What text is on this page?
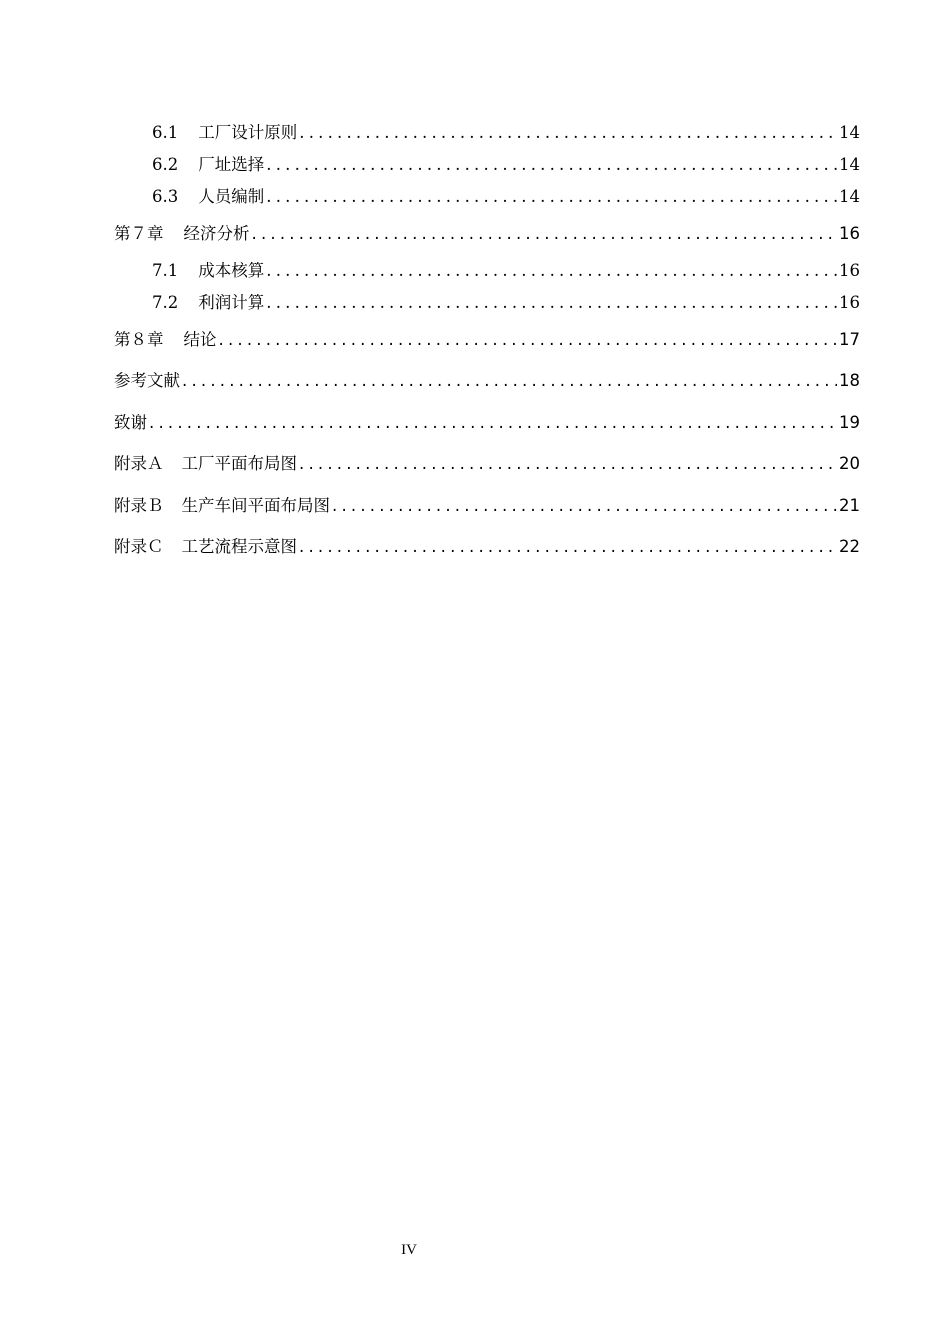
6.1 工厂设计原则 .....	14
6.2 厂址选择 .....	14
6.3 人员编制 .....	14
第７章 经济分析 .....	16
7.1 成本核算 .....	16
7.2 利润计算 .....	16
第８章 结论 .....	17
参考文献 .....	18
致谢 .....	19
附录Ａ 工厂平面布局图 .....	20
附录Ｂ 生产车间平面布局图 .....	21
附录Ｃ 工艺流程示意图 .....	22
IV
